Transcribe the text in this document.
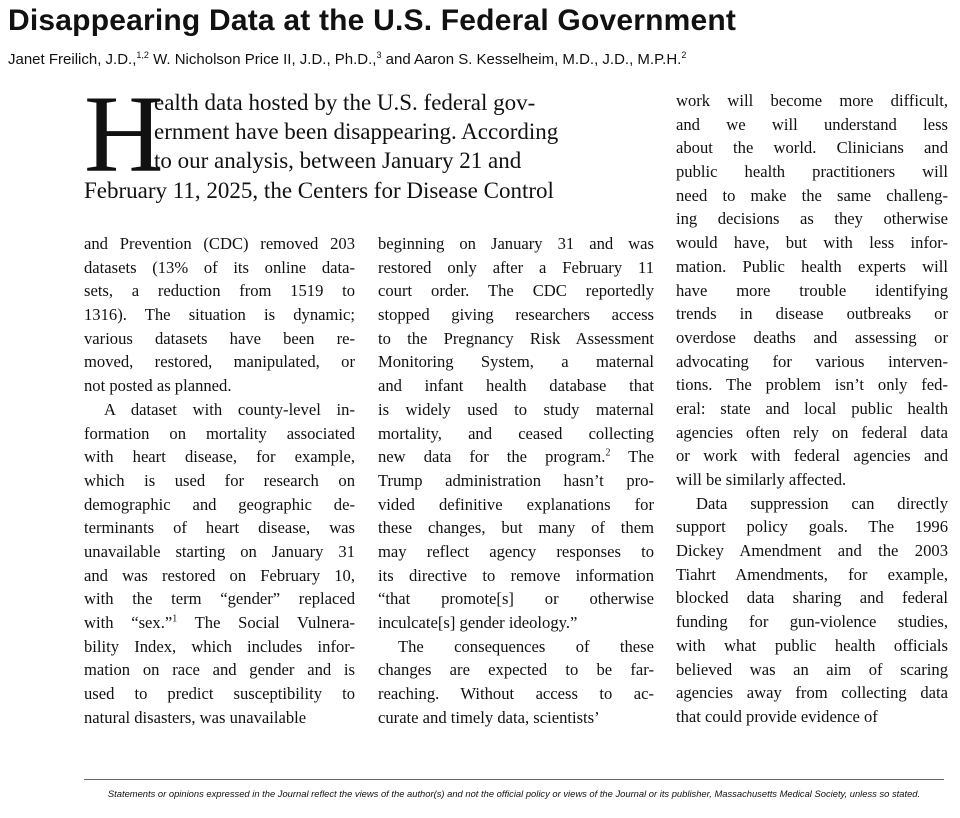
Disappearing Data at the U.S. Federal Government
Janet Freilich, J.D.,$^{1,2}$ W. Nicholson Price II, J.D., Ph.D.,$^3$ and Aaron S. Kesselheim, M.D., J.D., M.P.H.$^2$
H
ealth data hosted by the U.S. federal gov-
ernment have been disappearing. According
to our analysis, between January 21 and
February 11, 2025, the Centers for Disease Control
and Prevention (CDC) removed 203
datasets (13% of its online data-
sets, a reduction from 1519 to
1316). The situation is dynamic;
various datasets have been re-
moved, restored, manipulated, or
not posted as planned.
A dataset with county-level in-
formation on mortality associated
with heart disease, for example,
which is used for research on
demographic and geographic de-
terminants of heart disease, was
unavailable starting on January 31
and was restored on February 10,
with the term “gender” replaced
with “sex.”$^1$ The Social Vulnera-
bility Index, which includes infor-
mation on race and gender and is
used to predict susceptibility to
natural disasters, was unavailable
beginning on January 31 and was
restored only after a February 11
court order. The CDC reportedly
stopped giving researchers access
to the Pregnancy Risk Assessment
Monitoring System, a maternal
and infant health database that
is widely used to study maternal
mortality, and ceased collecting
new data for the program.$^2$ The
Trump administration hasn’t pro-
vided definitive explanations for
these changes, but many of them
may reflect agency responses to
its directive to remove information
“that promote[s] or otherwise
inculcate[s] gender ideology.”
The consequences of these
changes are expected to be far-
reaching. Without access to ac-
curate and timely data, scientists’
work will become more difficult,
and we will understand less
about the world. Clinicians and
public health practitioners will
need to make the same challeng-
ing decisions as they otherwise
would have, but with less infor-
mation. Public health experts will
have more trouble identifying
trends in disease outbreaks or
overdose deaths and assessing or
advocating for various interven-
tions. The problem isn’t only fed-
eral: state and local public health
agencies often rely on federal data
or work with federal agencies and
will be similarly affected.
Data suppression can directly
support policy goals. The 1996
Dickey Amendment and the 2003
Tiahrt Amendments, for example,
blocked data sharing and federal
funding for gun-violence studies,
with what public health officials
believed was an aim of scaring
agencies away from collecting data
that could provide evidence of
Statements or opinions expressed in the Journal reflect the views of the author(s) and not the official policy or views of the Journal or its publisher, Massachusetts Medical Society, unless so stated.
